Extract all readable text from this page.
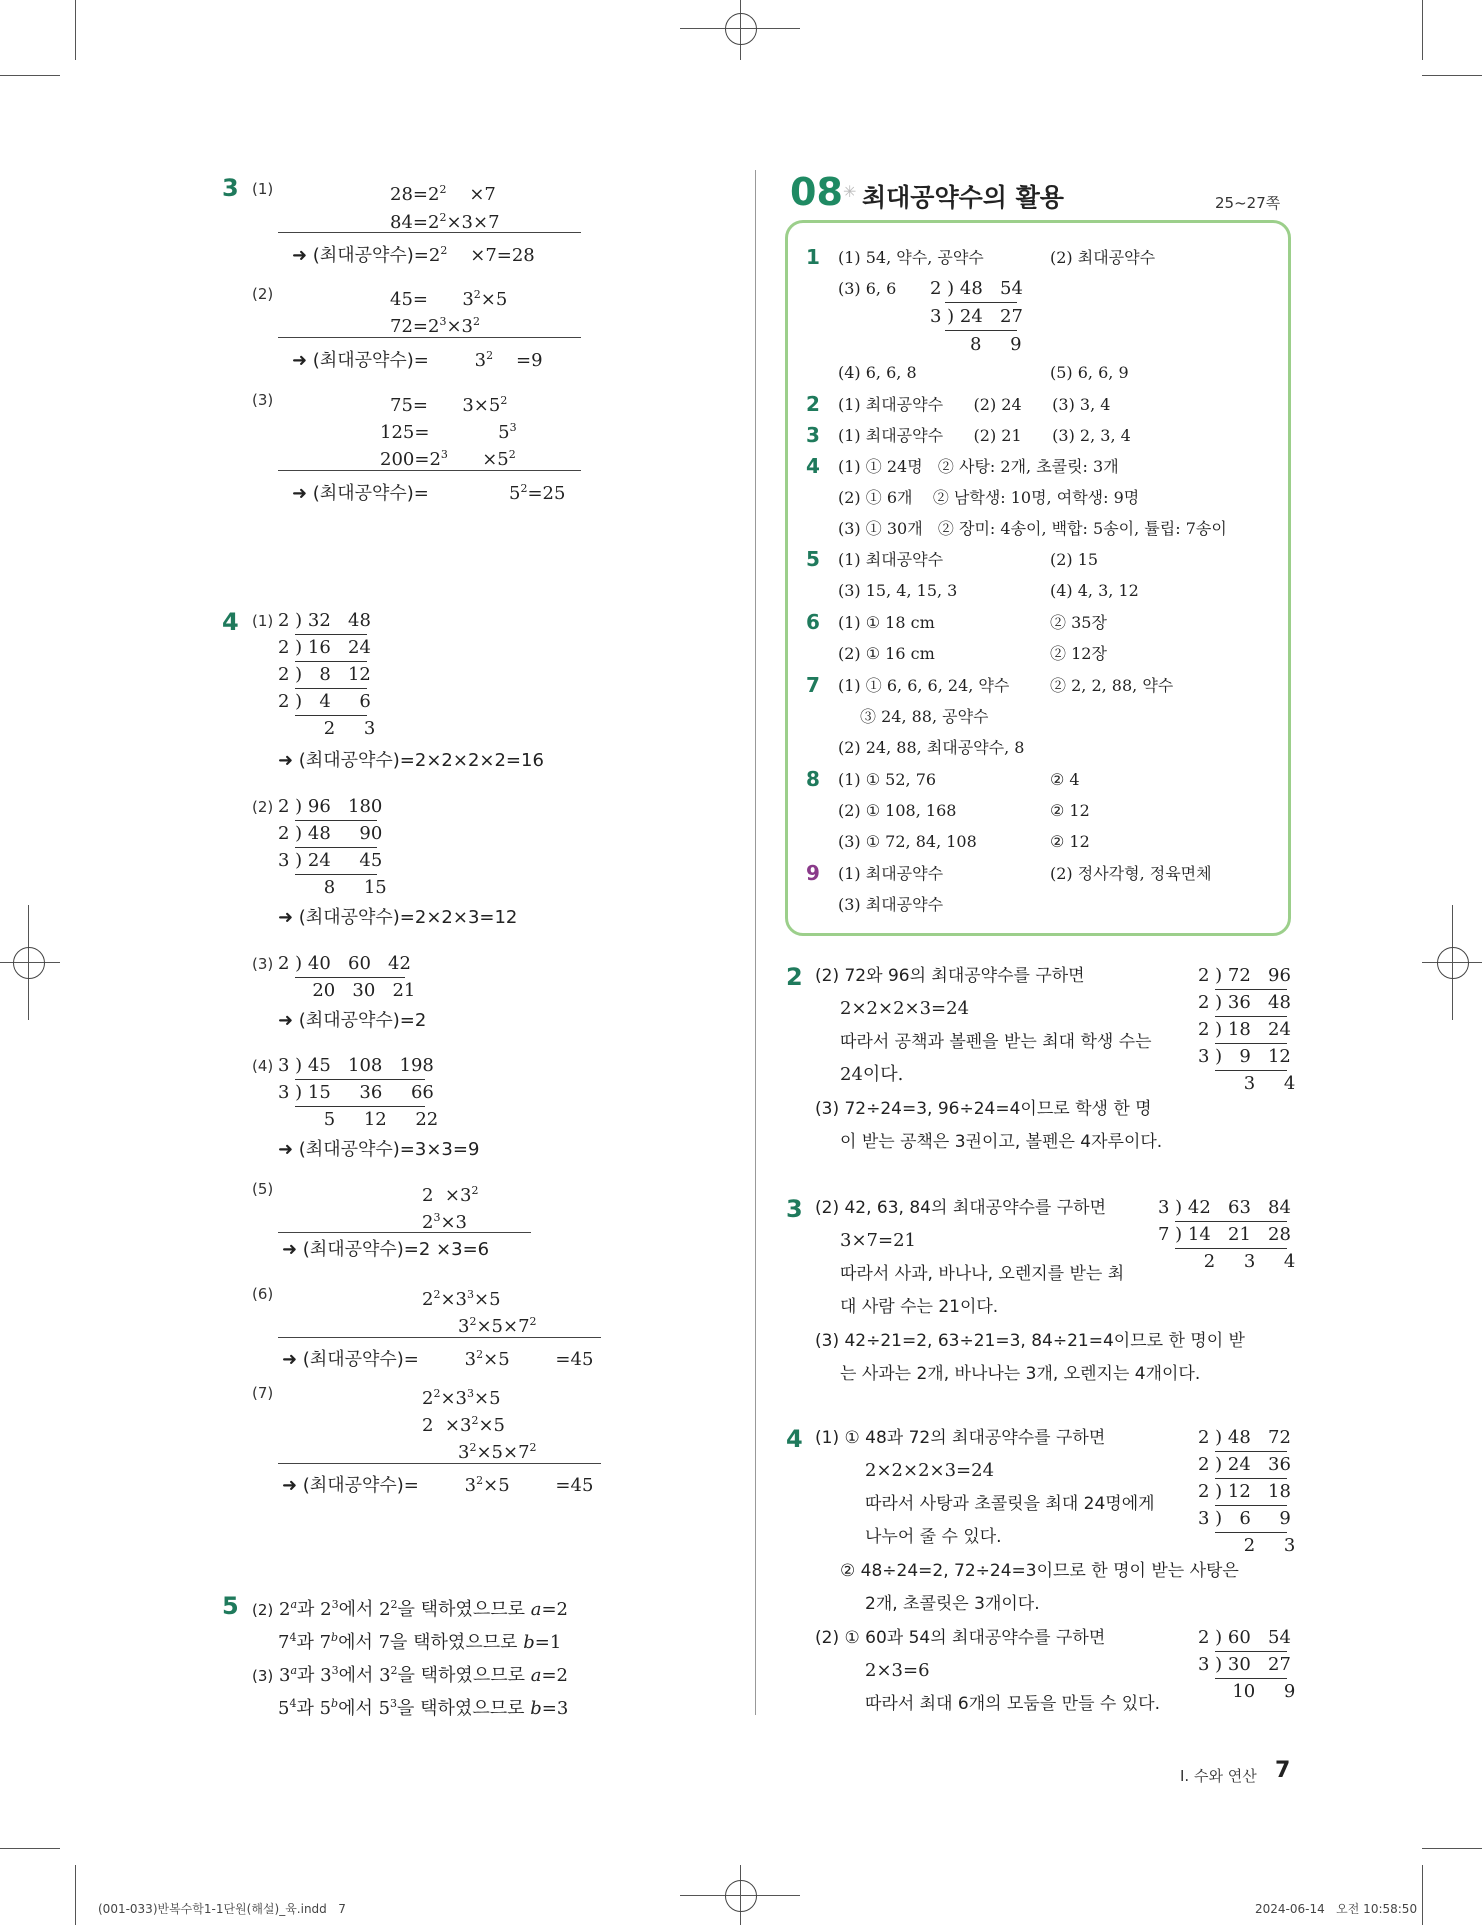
3 (1)	$28=2^2$    ×7
$84=2^2\times 3\times 7$
➜ (최대공약수)$=2^2$    ×7=28
(2)	45=      $3^2\times 5$
$72=2^3\times 3^2$
➜ (최대공약수)=        $3^2$    =9
(3)	75=      $3\times 5^2$
125=            $5^3$
$200=2^3$      $\times 5^2$
➜ (최대공약수)=              $5^2=25$
4 (1) 2 ) 32   48
2 ) 16   24
2 )   8   12
2 )   4     6
2     3
➜ (최대공약수)=2×2×2×2=16
(2) 2 ) 96   180
2 ) 48     90
3 ) 24     45
8     15
➜ (최대공약수)=2×2×3=12
(3) 2 ) 40   60   42
20   30   21
➜ (최대공약수)=2
(4) 3 ) 45   108   198
3 ) 15     36     66
5     12     22
➜ (최대공약수)=3×3=9
(5)	$2 \times 3^2$
$2^3\times 3$
➜ (최대공약수)=2 ×3=6
(6)	$2^2\times 3^3\times 5$
$3^2\times 5\times 7^2$
➜ (최대공약수)=        $3^2\times 5$        =45
(7)	$2^2\times 3^3\times 5$
$2 \times 3^2\times 5$
$3^2\times 5\times 7^2$
➜ (최대공약수)=        $3^2\times 5$        =45
5 (2) 2$^a$과 $2^3$에서 $2^2$을 택하였으므로 a=2
$7^4$과 7$^b$에서 7을 택하였으므로 b=1
(3) 3$^a$과 $3^3$에서 $3^2$을 택하였으므로 a=2
$5^4$과 5$^b$에서 $5^3$을 택하였으므로 b=3
08 ✳ 최대공약수의 활용	25~27쪽
1 (1) 54, 약수, 공약수	(2) 최대공약수
(3) 6, 6 2 ) 48   54
3 ) 24   27
8     9
(4) 6, 6, 8	(5) 6, 6, 9
2 (1) 최대공약수      (2) 24      (3) 3, 4
3 (1) 최대공약수      (2) 21      (3) 2, 3, 4
4 (1) ① 24명   ② 사탕: 2개, 초콜릿: 3개
(2) ① 6개    ② 남학생: 10명, 여학생: 9명
(3) ① 30개   ② 장미: 4송이, 백합: 5송이, 튤립: 7송이
5 (1) 최대공약수	(2) 15
(3) 15, 4, 15, 3	(4) 4, 3, 12
6 (1) ① 18 cm	② 35장
(2) ① 16 cm	② 12장
7 (1) ① 6, 6, 6, 24, 약수	② 2, 2, 88, 약수
③ 24, 88, 공약수
(2) 24, 88, 최대공약수, 8
8 (1) ① 52, 76	② 4
(2) ① 108, 168	② 12
(3) ① 72, 84, 108	② 12
9 (1) 최대공약수	(2) 정사각형, 정육면체
(3) 최대공약수
2 (2) 72와 96의 최대공약수를 구하면
2×2×2×3=24
따라서 공책과 볼펜을 받는 최대 학생 수는
24이다.
(3) 72÷24=3, 96÷24=4이므로 학생 한 명
이 받는 공책은 3권이고, 볼펜은 4자루이다.
2 ) 72   96
2 ) 36   48
2 ) 18   24
3 )   9   12
3     4
3 (2) 42, 63, 84의 최대공약수를 구하면
3×7=21
따라서 사과, 바나나, 오렌지를 받는 최
대 사람 수는 21이다.
(3) 42÷21=2, 63÷21=3, 84÷21=4이므로 한 명이 받
는 사과는 2개, 바나나는 3개, 오렌지는 4개이다.
3 ) 42   63   84
7 ) 14   21   28
2     3     4
4 (1) ① 48과 72의 최대공약수를 구하면
2×2×2×3=24
따라서 사탕과 초콜릿을 최대 24명에게
나누어 줄 수 있다.
② 48÷24=2, 72÷24=3이므로 한 명이 받는 사탕은
2개, 초콜릿은 3개이다.
(2) ① 60과 54의 최대공약수를 구하면
2×3=6
따라서 최대 6개의 모둠을 만들 수 있다.
2 ) 48   72
2 ) 24   36
2 ) 12   18
3 )   6     9
2     3
2 ) 60   54
3 ) 30   27
10     9
I. 수와 연산 7
(001-033)반복수학1-1단원(해설)_육.indd   7	2024-06-14   오전 10:58:50
